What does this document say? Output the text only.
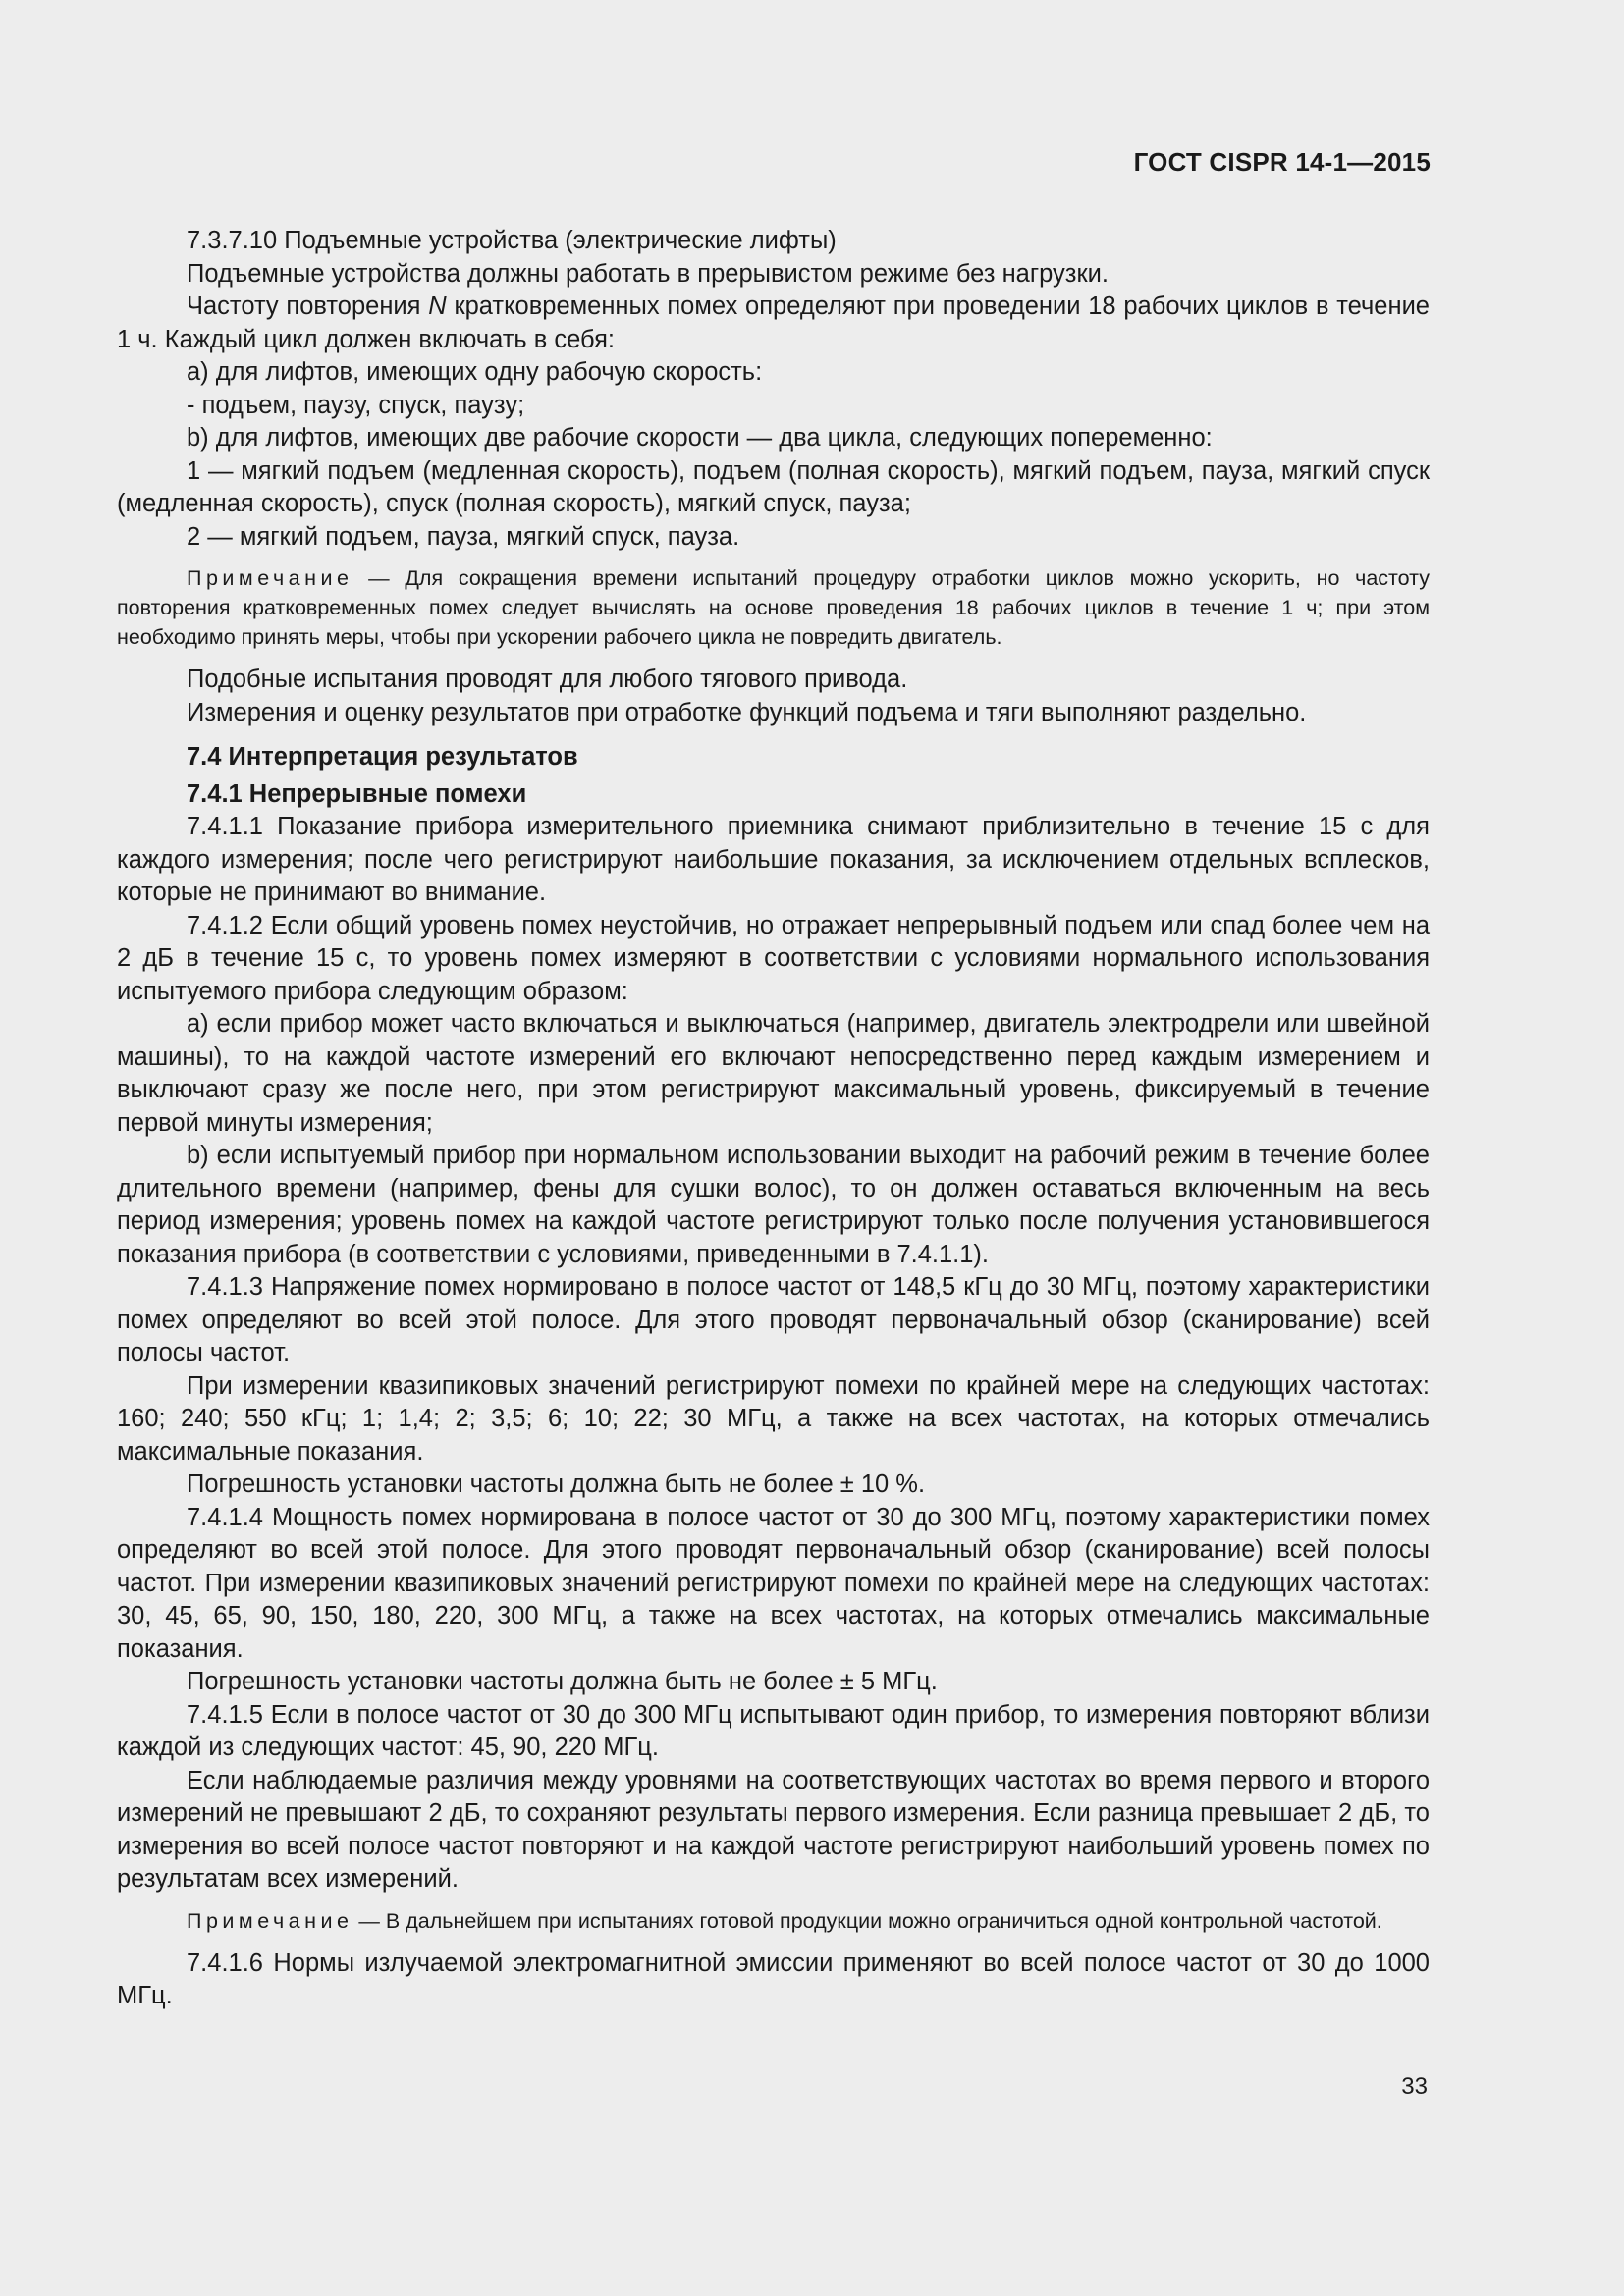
ГОСТ CISPR 14-1—2015

7.3.7.10 Подъемные устройства (электрические лифты)

Подъемные устройства должны работать в прерывистом режиме без нагрузки.

Частоту повторения N кратковременных помех определяют при проведении 18 рабочих циклов в течение 1 ч. Каждый цикл должен включать в себя:

a) для лифтов, имеющих одну рабочую скорость:

- подъем, паузу, спуск, паузу;

b) для лифтов, имеющих две рабочие скорости — два цикла, следующих попеременно:

1 — мягкий подъем (медленная скорость), подъем (полная скорость), мягкий подъем, пауза, мягкий спуск (медленная скорость), спуск (полная скорость), мягкий спуск, пауза;

2 — мягкий подъем, пауза, мягкий спуск, пауза.

Примечание — Для сокращения времени испытаний процедуру отработки циклов можно ускорить, но частоту повторения кратковременных помех следует вычислять на основе проведения 18 рабочих циклов в течение 1 ч; при этом необходимо принять меры, чтобы при ускорении рабочего цикла не повредить двигатель.

Подобные испытания проводят для любого тягового привода.

Измерения и оценку результатов при отработке функций подъема и тяги выполняют раздельно.

7.4 Интерпретация результатов

7.4.1 Непрерывные помехи

7.4.1.1 Показание прибора измерительного приемника снимают приблизительно в течение 15 с для каждого измерения; после чего регистрируют наибольшие показания, за исключением отдельных всплесков, которые не принимают во внимание.

7.4.1.2 Если общий уровень помех неустойчив, но отражает непрерывный подъем или спад более чем на 2 дБ в течение 15 с, то уровень помех измеряют в соответствии с условиями нормального использования испытуемого прибора следующим образом:

a) если прибор может часто включаться и выключаться (например, двигатель электродрели или швейной машины), то на каждой частоте измерений его включают непосредственно перед каждым измерением и выключают сразу же после него, при этом регистрируют максимальный уровень, фиксируемый в течение первой минуты измерения;

b) если испытуемый прибор при нормальном использовании выходит на рабочий режим в течение более длительного времени (например, фены для сушки волос), то он должен оставаться включенным на весь период измерения; уровень помех на каждой частоте регистрируют только после получения установившегося показания прибора (в соответствии с условиями, приведенными в 7.4.1.1).

7.4.1.3 Напряжение помех нормировано в полосе частот от 148,5 кГц до 30 МГц, поэтому характеристики помех определяют во всей этой полосе. Для этого проводят первоначальный обзор (сканирование) всей полосы частот.

При измерении квазипиковых значений регистрируют помехи по крайней мере на следующих частотах: 160; 240; 550 кГц; 1; 1,4; 2; 3,5; 6; 10; 22; 30 МГц, а также на всех частотах, на которых отмечались максимальные показания.

Погрешность установки частоты должна быть не более ± 10 %.

7.4.1.4 Мощность помех нормирована в полосе частот от 30 до 300 МГц, поэтому характеристики помех определяют во всей этой полосе. Для этого проводят первоначальный обзор (сканирование) всей полосы частот. При измерении квазипиковых значений регистрируют помехи по крайней мере на следующих частотах: 30, 45, 65, 90, 150, 180, 220, 300 МГц, а также на всех частотах, на которых отмечались максимальные показания.

Погрешность установки частоты должна быть не более ± 5 МГц.

7.4.1.5 Если в полосе частот от 30 до 300 МГц испытывают один прибор, то измерения повторяют вблизи каждой из следующих частот: 45, 90, 220 МГц.

Если наблюдаемые различия между уровнями на соответствующих частотах во время первого и второго измерений не превышают 2 дБ, то сохраняют результаты первого измерения. Если разница превышает 2 дБ, то измерения во всей полосе частот повторяют и на каждой частоте регистрируют наибольший уровень помех по результатам всех измерений.

Примечание — В дальнейшем при испытаниях готовой продукции можно ограничиться одной контрольной частотой.

7.4.1.6 Нормы излучаемой электромагнитной эмиссии применяют во всей полосе частот от 30 до 1000 МГц.

33
